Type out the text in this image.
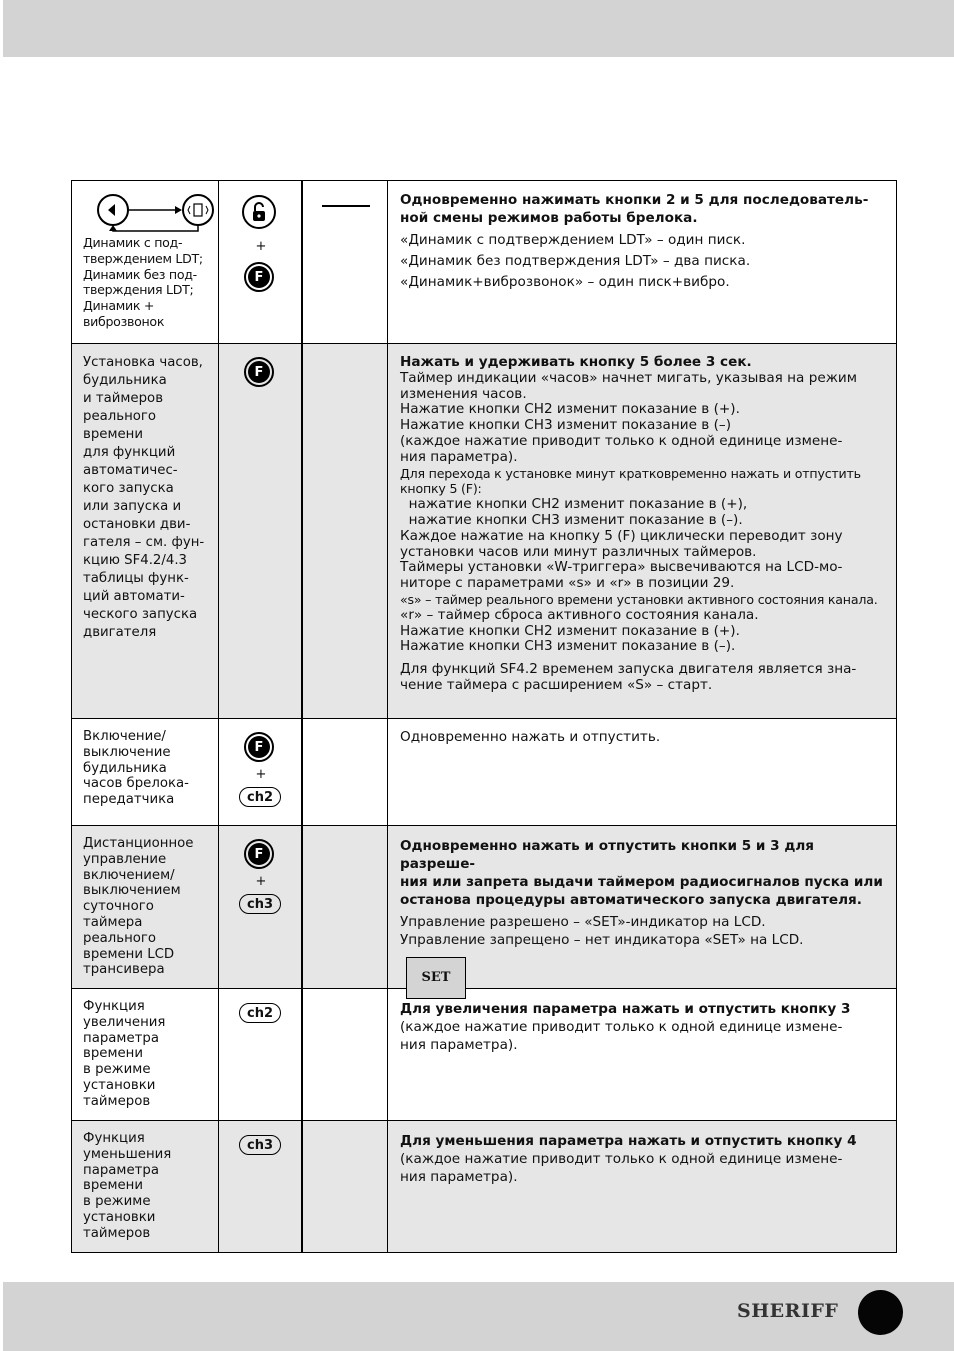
Динамик с под-
тверждением LDT;
Динамик без под-
тверждения LDT;
Динамик +
виброзвонок
+
F

Одновременно нажимать кнопки 2 и 5 для последователь-
ной смены режимов работы брелока.

«Динамик с подтверждением LDT» – один писк.

«Динамик без подтверждения LDT» – два писка.

«Динамик+виброзвонок» – один писк+вибро.

Установка часов,
будильника
и таймеров
реального
времени
для функций
автоматичес-
кого запуска
или запуска и
остановки дви-
гателя – см. фун-
кцию SF4.2/4.3
таблицы функ-
ций автомати-
ческого запуска
двигателя
F

Нажать и удерживать кнопку 5 более 3 сек.

Таймер индикации «часов» начнет мигать, указывая на режим изменения часов.

Нажатие кнопки CH2 изменит показание в (+).

Нажатие кнопки CH3 изменит показание в (–)

(каждое нажатие приводит только к одной единице измене-
ния параметра).

Для перехода к установке минут кратковременно нажать и отпустить кнопку 5 (F):

нажатие кнопки CH2 изменит показание в (+),

нажатие кнопки CH3 изменит показание в (–).

Каждое нажатие на кнопку 5 (F) циклически переводит зону установки часов или минут различных таймеров.

Таймеры установки «W-триггера» высвечиваются на LCD-мо-
ниторе с параметрами «s» и «r» в позиции 29.

«s» – таймер реального времени установки активного состояния канала.

«r» – таймер сброса активного состояния канала.

Нажатие кнопки CH2 изменит показание в (+).

Нажатие кнопки CH3 изменит показание в (–).

Для функций SF4.2 временем запуска двигателя является зна-
чение таймера с расширением «S» – старт.

Включение/
выключение
будильника
часов брелока-
передатчика
F
+
ch2

Одновременно нажать и отпустить.

Дистанционное
управление
включением/
выключением
суточного
таймера
реального
времени LCD
трансивера
F
+
ch3

Одновременно нажать и отпустить кнопки 5 и 3 для разреше-
ния или запрета выдачи таймером радиосигналов пуска или
останова процедуры автоматического запуска двигателя.

Управление разрешено – «SET»-индикатор на LCD.

Управление запрещено – нет индикатора «SET» на LCD.

SET
Функция
увеличения
параметра
времени
в режиме
установки
таймеров
ch2	Для увеличения параметра нажать и отпустить кнопку 3

(каждое нажатие приводит только к одной единице измене-
ния параметра).

Функция
уменьшения
параметра
времени
в режиме
установки
таймеров
ch3	Для уменьшения параметра нажать и отпустить кнопку 4

(каждое нажатие приводит только к одной единице измене-
ния параметра).

SHERIFF
